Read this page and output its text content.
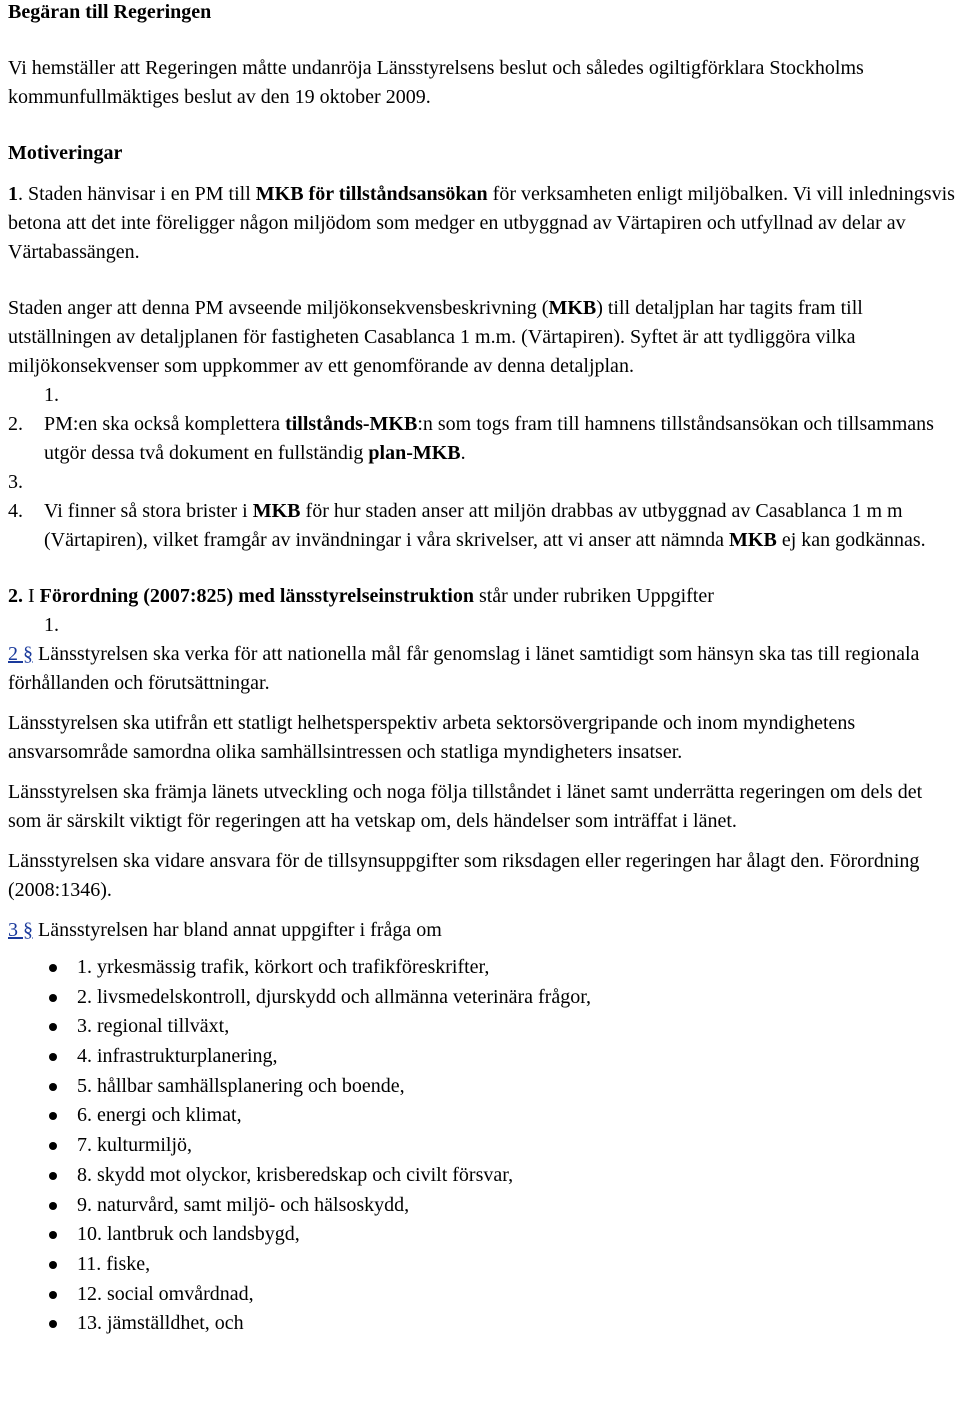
Begäran till Regeringen

Vi hemställer att Regeringen måtte undanröja Länsstyrelsens beslut och således ogiltigförklara Stockholms kommunfullmäktiges beslut av den 19 oktober 2009.

Motiveringar

1. Staden hänvisar i en PM till MKB för tillståndsansökan för verksamheten enligt miljöbalken. Vi vill inledningsvis betona att det inte föreligger någon miljödom som medger en utbyggnad av Värtapiren och utfyllnad av delar av Värtabassängen.

Staden anger att denna PM avseende miljökonsekvensbeskrivning (MKB) till detaljplan har tagits fram till utställningen av detaljplanen för fastigheten Casablanca 1 m.m. (Värtapiren). Syftet är att tydliggöra vilka miljökonsekvenser som uppkommer av ett genomförande av denna detaljplan.

1.
2.	PM:en ska också komplettera tillstånds-MKB:n som togs fram till hamnens tillståndsansökan och tillsammans utgör dessa två dokument en fullständig plan-MKB.
3.
4.	Vi finner så stora brister i MKB för hur staden anser att miljön drabbas av utbyggnad av Casablanca 1 m m (Värtapiren), vilket framgår av invändningar i våra skrivelser, att vi anser att nämnda MKB ej kan godkännas.

2. I Förordning (2007:825) med länsstyrelseinstruktion står under rubriken Uppgifter

1.

2 § Länsstyrelsen ska verka för att nationella mål får genomslag i länet samtidigt som hänsyn ska tas till regionala förhållanden och förutsättningar.

Länsstyrelsen ska utifrån ett statligt helhetsperspektiv arbeta sektorsövergripande och inom myndighetens ansvarsområde samordna olika samhällsintressen och statliga myndigheters insatser.

Länsstyrelsen ska främja länets utveckling och noga följa tillståndet i länet samt underrätta regeringen om dels det som är särskilt viktigt för regeringen att ha vetskap om, dels händelser som inträffat i länet.

Länsstyrelsen ska vidare ansvara för de tillsynsuppgifter som riksdagen eller regeringen har ålagt den. Förordning (2008:1346).

3 § Länsstyrelsen har bland annat uppgifter i fråga om

1. yrkesmässig trafik, körkort och trafikföreskrifter,
2. livsmedelskontroll, djurskydd och allmänna veterinära frågor,
3. regional tillväxt,
4. infrastrukturplanering,
5. hållbar samhällsplanering och boende,
6. energi och klimat,
7. kulturmiljö,
8. skydd mot olyckor, krisberedskap och civilt försvar,
9. naturvård, samt miljö- och hälsoskydd,
10. lantbruk och landsbygd,
11. fiske,
12. social omvårdnad,
13. jämställdhet, och
